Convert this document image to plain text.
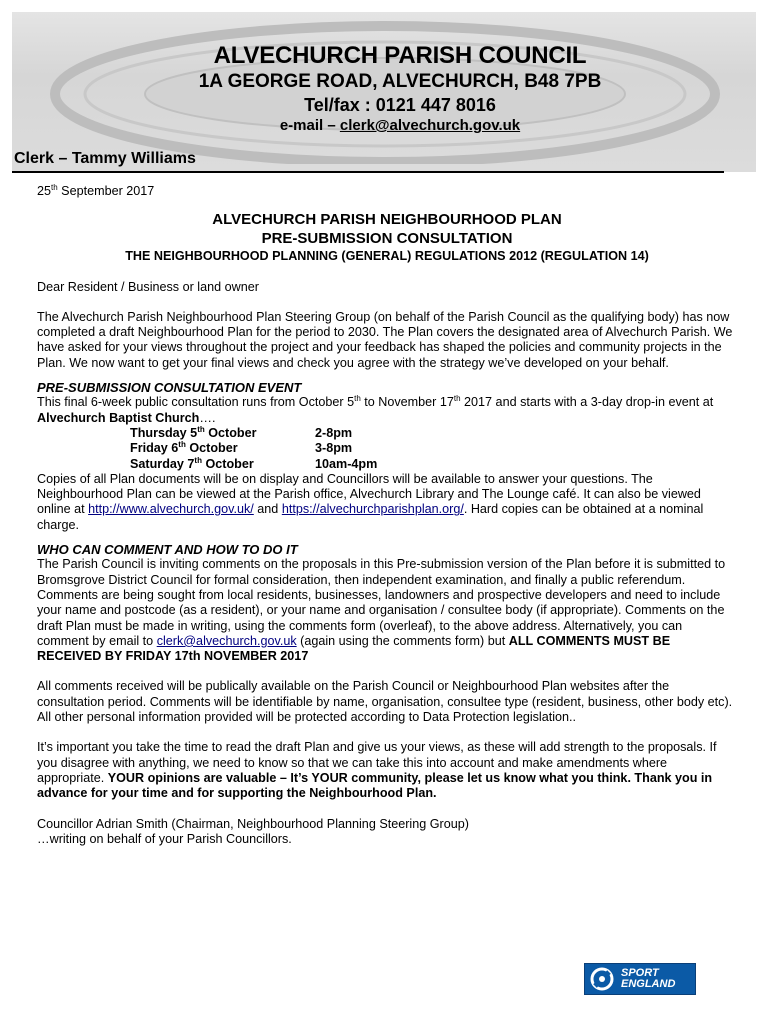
ALVECHURCH PARISH COUNCIL
1A GEORGE ROAD, ALVECHURCH, B48 7PB
Tel/fax : 0121 447 8016
e-mail – clerk@alvechurch.gov.uk
Clerk – Tammy Williams

25th September 2017

ALVECHURCH PARISH NEIGHBOURHOOD PLAN

PRE-SUBMISSION CONSULTATION

THE NEIGHBOURHOOD PLANNING (GENERAL) REGULATIONS 2012 (REGULATION 14)

Dear Resident / Business or land owner

The Alvechurch Parish Neighbourhood Plan Steering Group (on behalf of the Parish Council as the qualifying body) has now completed a draft Neighbourhood Plan for the period to 2030. The Plan covers the designated area of Alvechurch Parish. We have asked for your views throughout the project and your feedback has shaped the policies and community projects in the Plan. We now want to get your final views and check you agree with the strategy we’ve developed on your behalf.

PRE-SUBMISSION CONSULTATION EVENT

This final 6-week public consultation runs from October 5th to November 17th 2017 and starts with a 3-day drop-in event at Alvechurch Baptist Church….

Thursday 5th October	2-8pm
Friday 6th October	3-8pm
Saturday 7th October	10am-4pm

Copies of all Plan documents will be on display and Councillors will be available to answer your questions. The Neighbourhood Plan can be viewed at the Parish office, Alvechurch Library and The Lounge café. It can also be viewed online at http://www.alvechurch.gov.uk/ and https://alvechurchparishplan.org/. Hard copies can be obtained at a nominal charge.

WHO CAN COMMENT AND HOW TO DO IT

The Parish Council is inviting comments on the proposals in this Pre-submission version of the Plan before it is submitted to Bromsgrove District Council for formal consideration, then independent examination, and finally a public referendum. Comments are being sought from local residents, businesses, landowners and prospective developers and need to include your name and postcode (as a resident), or your name and organisation / consultee body (if appropriate). Comments on the draft Plan must be made in writing, using the comments form (overleaf), to the above address. Alternatively, you can comment by email to clerk@alvechurch.gov.uk (again using the comments form) but ALL COMMENTS MUST BE RECEIVED BY FRIDAY 17th NOVEMBER 2017

All comments received will be publically available on the Parish Council or Neighbourhood Plan websites after the consultation period. Comments will be identifiable by name, organisation, consultee type (resident, business, other body etc). All other personal information provided will be protected according to Data Protection legislation..

It’s important you take the time to read the draft Plan and give us your views, as these will add strength to the proposals. If you disagree with anything, we need to know so that we can take this into account and make amendments where appropriate. YOUR opinions are valuable – It’s YOUR community, please let us know what you think. Thank you in advance for your time and for supporting the Neighbourhood Plan.

Councillor Adrian Smith (Chairman, Neighbourhood Planning Steering Group)

…writing on behalf of your Parish Councillors.

SPORT
ENGLAND
